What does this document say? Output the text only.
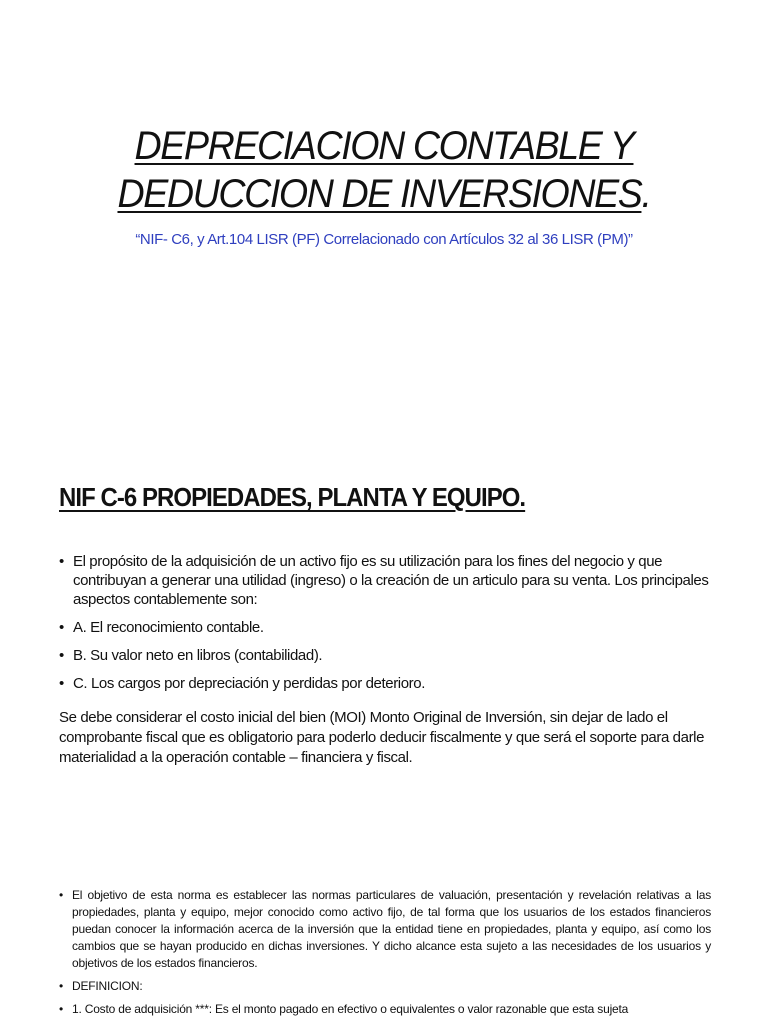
DEPRECIACION CONTABLE Y
DEDUCCION DE INVERSIONES.
“NIF- C6, y Art.104 LISR (PF) Correlacionado con Artículos 32 al 36 LISR (PM)”
NIF C-6 PROPIEDADES, PLANTA Y EQUIPO.
• El propósito de la adquisición de un activo fijo es su utilización para los fines del negocio y que contribuyan a generar una utilidad (ingreso) o la creación de un articulo para su venta. Los principales aspectos contablemente son:
• A. El reconocimiento contable.
• B. Su valor neto en libros (contabilidad).
• C. Los cargos por depreciación y perdidas por deterioro.
Se debe considerar el costo inicial del bien (MOI) Monto Original de Inversión, sin dejar de lado el comprobante fiscal que es obligatorio para poderlo deducir fiscalmente y que será el soporte para darle materialidad a la operación contable – financiera y fiscal.
• El objetivo de esta norma es establecer las normas particulares de valuación, presentación y revelación relativas a las propiedades, planta y equipo, mejor conocido como activo fijo, de tal forma que los usuarios de los estados financieros puedan conocer la información acerca de la inversión que la entidad tiene en propiedades, planta y equipo, así como los cambios que se hayan producido en dichas inversiones. Y dicho alcance esta sujeto a las necesidades de los usuarios y objetivos de los estados financieros.
• DEFINICION:
• 1. Costo de adquisición ***: Es el monto pagado en efectivo o equivalentes o valor razonable que esta sujeta
